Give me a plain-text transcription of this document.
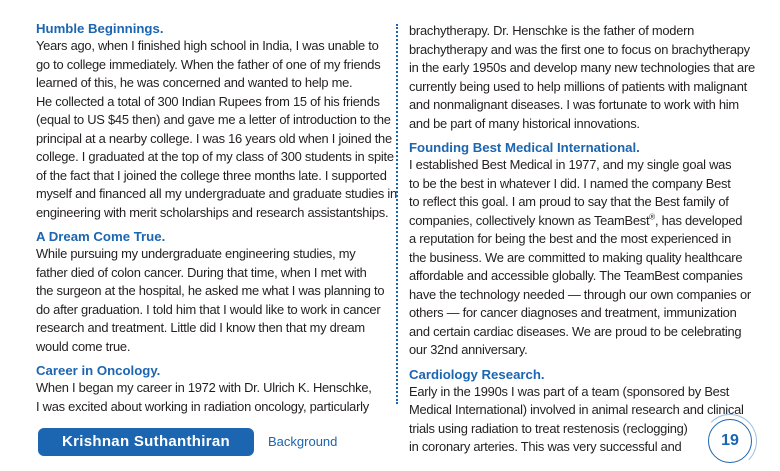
Humble Beginnings.

Years ago, when I finished high school in India, I was unable to
go to college immediately. When the father of one of my friends
learned of this, he was concerned and wanted to help me.
He collected a total of 300 Indian Rupees from 15 of his friends
(equal to US $45 then) and gave me a letter of introduction to the
principal at a nearby college. I was 16 years old when I joined the
college. I graduated at the top of my class of 300 students in spite
of the fact that I joined the college three months late. I supported
myself and financed all my undergraduate and graduate studies in
engineering with merit scholarships and research assistantships.

A Dream Come True.

While pursuing my undergraduate engineering studies, my
father died of colon cancer. During that time, when I met with
the surgeon at the hospital, he asked me what I was planning to
do after graduation. I told him that I would like to work in cancer
research and treatment. Little did I know then that my dream
would come true.

Career in Oncology.

When I began my career in 1972 with Dr. Ulrich K. Henschke,
I was excited about working in radiation oncology, particularly

brachytherapy. Dr. Henschke is the father of modern
brachytherapy and was the first one to focus on brachytherapy
in the early 1950s and develop many new technologies that are
currently being used to help millions of patients with malignant
and nonmalignant diseases. I was fortunate to work with him
and be part of many historical innovations.

Founding Best Medical International.

I established Best Medical in 1977, and my single goal was
to be the best in whatever I did. I named the company Best
to reflect this goal. I am proud to say that the Best family of
companies, collectively known as TeamBest®, has developed
a reputation for being the best and the most experienced in
the business. We are committed to making quality healthcare
affordable and accessible globally. The TeamBest companies
have the technology needed — through our own companies or
others — for cancer diagnoses and treatment, immunization
and certain cardiac diseases. We are proud to be celebrating
our 32nd anniversary.

Cardiology Research.

Early in the 1990s I was part of a team (sponsored by Best
Medical International) involved in animal research and clinical
trials using radiation to treat restenosis (reclogging)
in coronary arteries. This was very successful and

Krishnan Suthanthiran	Background	19
